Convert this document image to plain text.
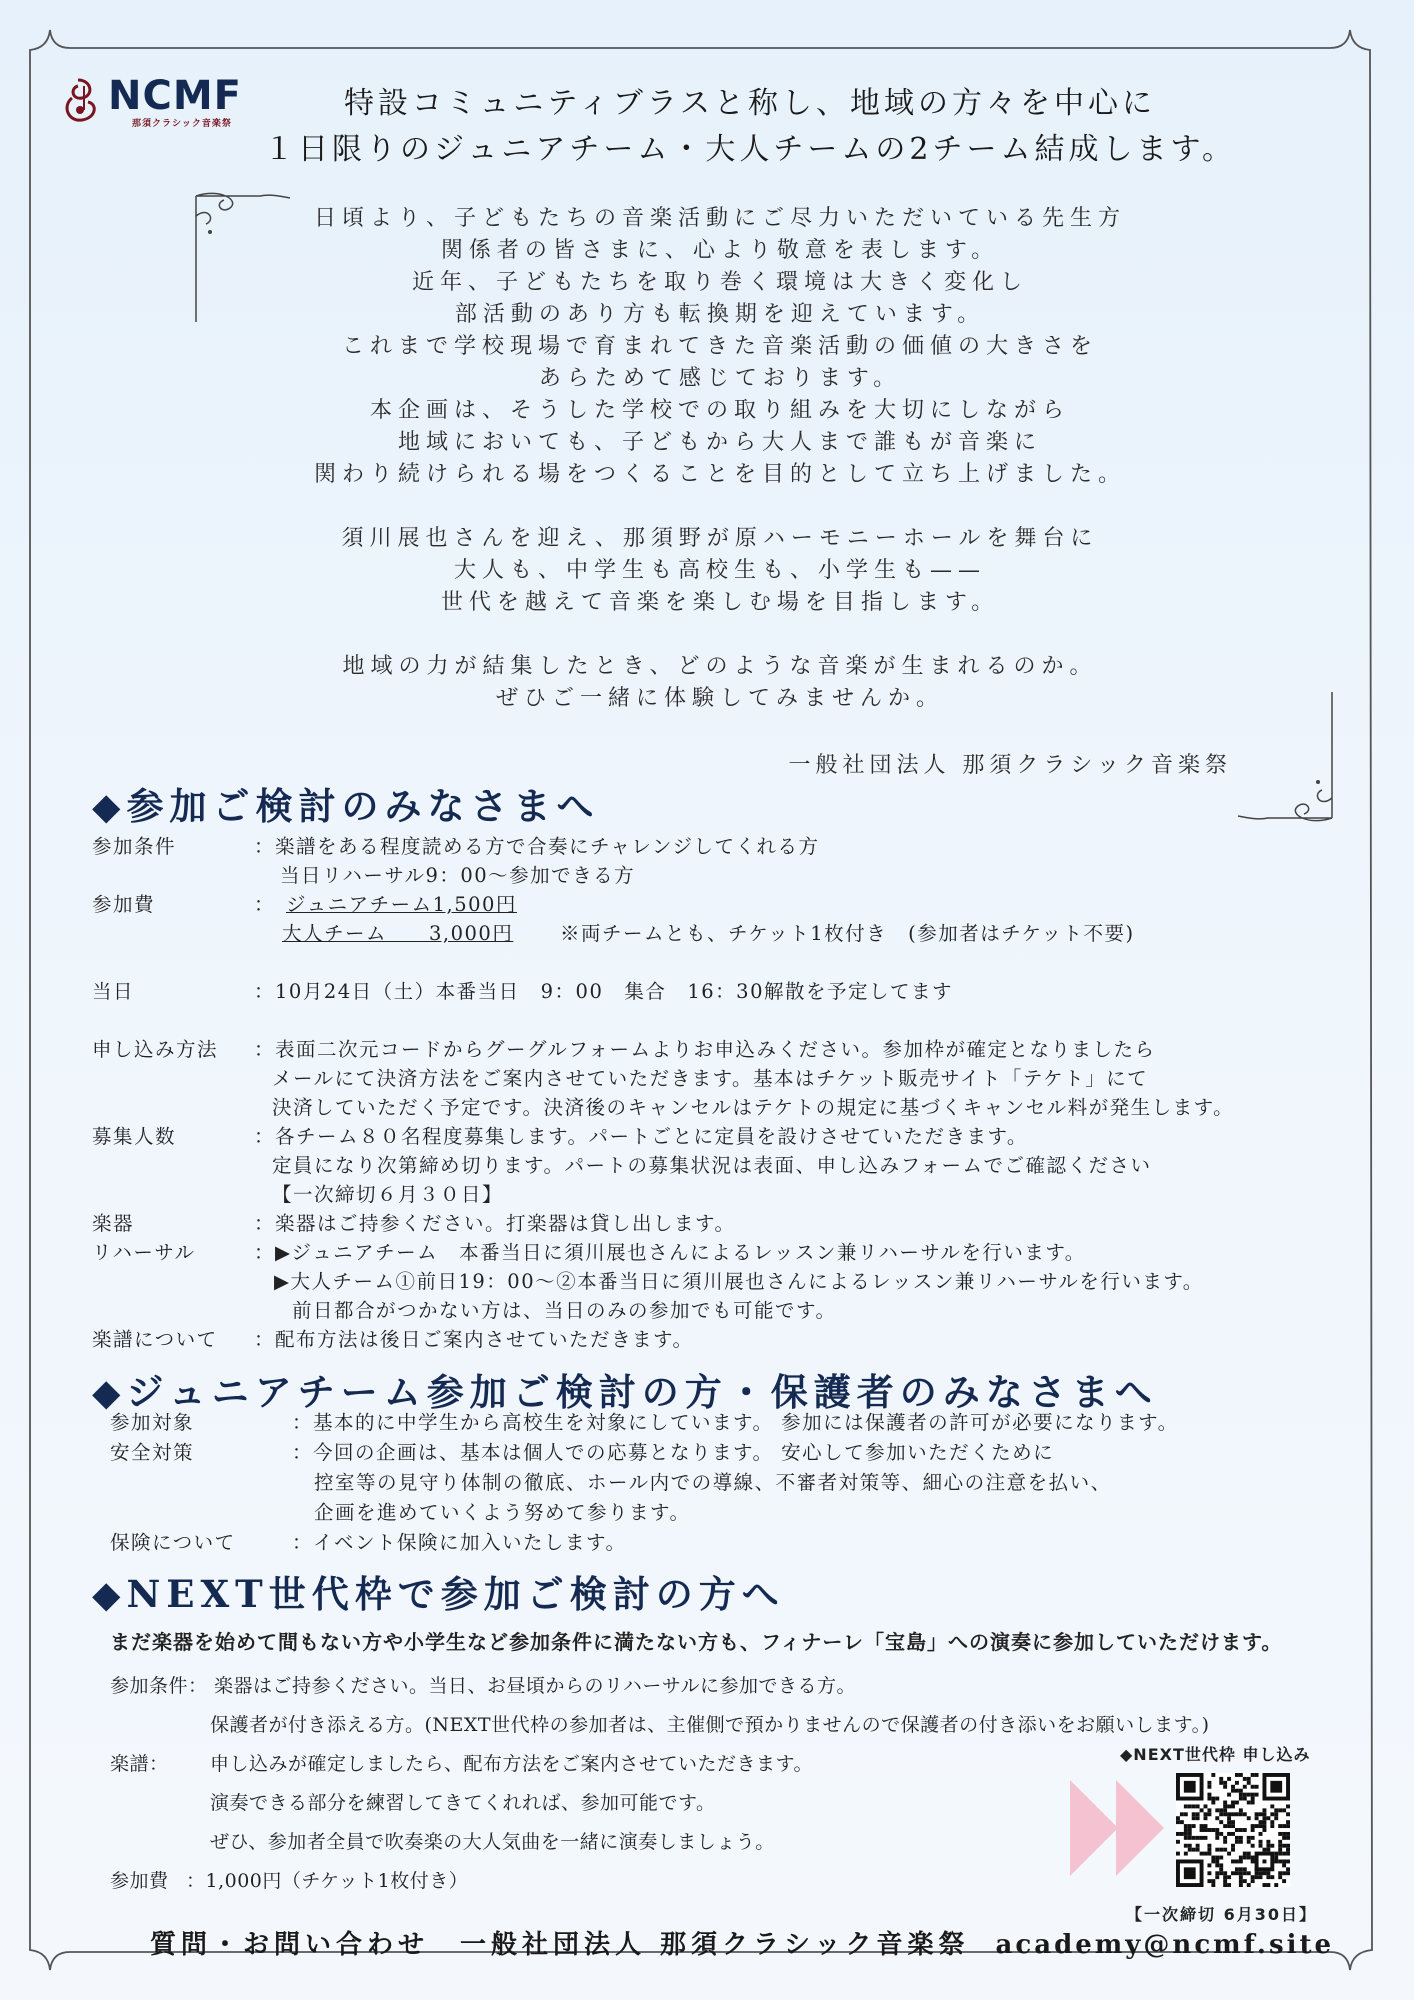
NCMF
那須クラシック音楽祭
特設コミュニティブラスと称し、地域の方々を中心に
１日限りのジュニアチーム・大人チームの2チーム結成します。
日頃より、子どもたちの音楽活動にご尽力いただいている先生方
関係者の皆さまに、心より敬意を表します。
近年、子どもたちを取り巻く環境は大きく変化し
部活動のあり方も転換期を迎えています。
これまで学校現場で育まれてきた音楽活動の価値の大きさを
あらためて感じております。
本企画は、そうした学校での取り組みを大切にしながら
地域においても、子どもから大人まで誰もが音楽に
関わり続けられる場をつくることを目的として立ち上げました。
須川展也さんを迎え、那須野が原ハーモニーホールを舞台に
大人も、中学生も高校生も、小学生も——
世代を越えて音楽を楽しむ場を目指します。
地域の力が結集したとき、どのような音楽が生まれるのか。
ぜひご一緒に体験してみませんか。
一般社団法人 那須クラシック音楽祭
◆参加ご検討のみなさまへ
参加条件	：楽譜をある程度読める方で合奏にチャレンジしてくれる方
当日リハーサル9：00～参加できる方
参加費	： ジュニアチーム1,500円
大人チーム　　3,000円 ※両チームとも、チケット1枚付き　(参加者はチケット不要)
当日	：10月24日（土）本番当日　9：00　集合　16：30解散を予定してます
申し込み方法 ：表面二次元コードからグーグルフォームよりお申込みください。参加枠が確定となりましたら
メールにて決済方法をご案内させていただきます。基本はチケット販売サイト「テケト」にて
決済していただく予定です。決済後のキャンセルはテケトの規定に基づくキャンセル料が発生します。
募集人数	：各チーム８０名程度募集します。パートごとに定員を設けさせていただきます。
定員になり次第締め切ります。パートの募集状況は表面、申し込みフォームでご確認ください
【一次締切６月３０日】
楽器	：楽器はご持参ください。打楽器は貸し出します。
リハーサル	：▶ジュニアチーム　本番当日に須川展也さんによるレッスン兼リハーサルを行います。
▶大人チーム①前日19：00～②本番当日に須川展也さんによるレッスン兼リハーサルを行います。
前日都合がつかない方は、当日のみの参加でも可能です。
楽譜について ：配布方法は後日ご案内させていただきます。
◆ジュニアチーム参加ご検討の方・保護者のみなさまへ
参加対象	：基本的に中学生から高校生を対象にしています。 参加には保護者の許可が必要になります。
安全対策	：今回の企画は、基本は個人での応募となります。 安心して参加いただくために
控室等の見守り体制の徹底、ホール内での導線、不審者対策等、細心の注意を払い、
企画を進めていくよう努めて参ります。
保険について	：イベント保険に加入いたします。
◆NEXT世代枠で参加ご検討の方へ
まだ楽器を始めて間もない方や小学生など参加条件に満たない方も、フィナーレ「宝島」への演奏に参加していただけます。
参加条件： 楽器はご持参ください。当日、お昼頃からのリハーサルに参加できる方。
保護者が付き添える方。(NEXT世代枠の参加者は、主催側で預かりませんので保護者の付き添いをお願いします。)
楽譜： 申し込みが確定しましたら、配布方法をご案内させていただきます。
演奏できる部分を練習してきてくれれば、参加可能です。
ぜひ、参加者全員で吹奏楽の大人気曲を一緒に演奏しましょう。
参加費 ：1,000円（チケット1枚付き）
◆NEXT世代枠 申し込み
【一次締切 6月30日】
質問・お問い合わせ　一般社団法人 那須クラシック音楽祭 academy@ncmf.site
